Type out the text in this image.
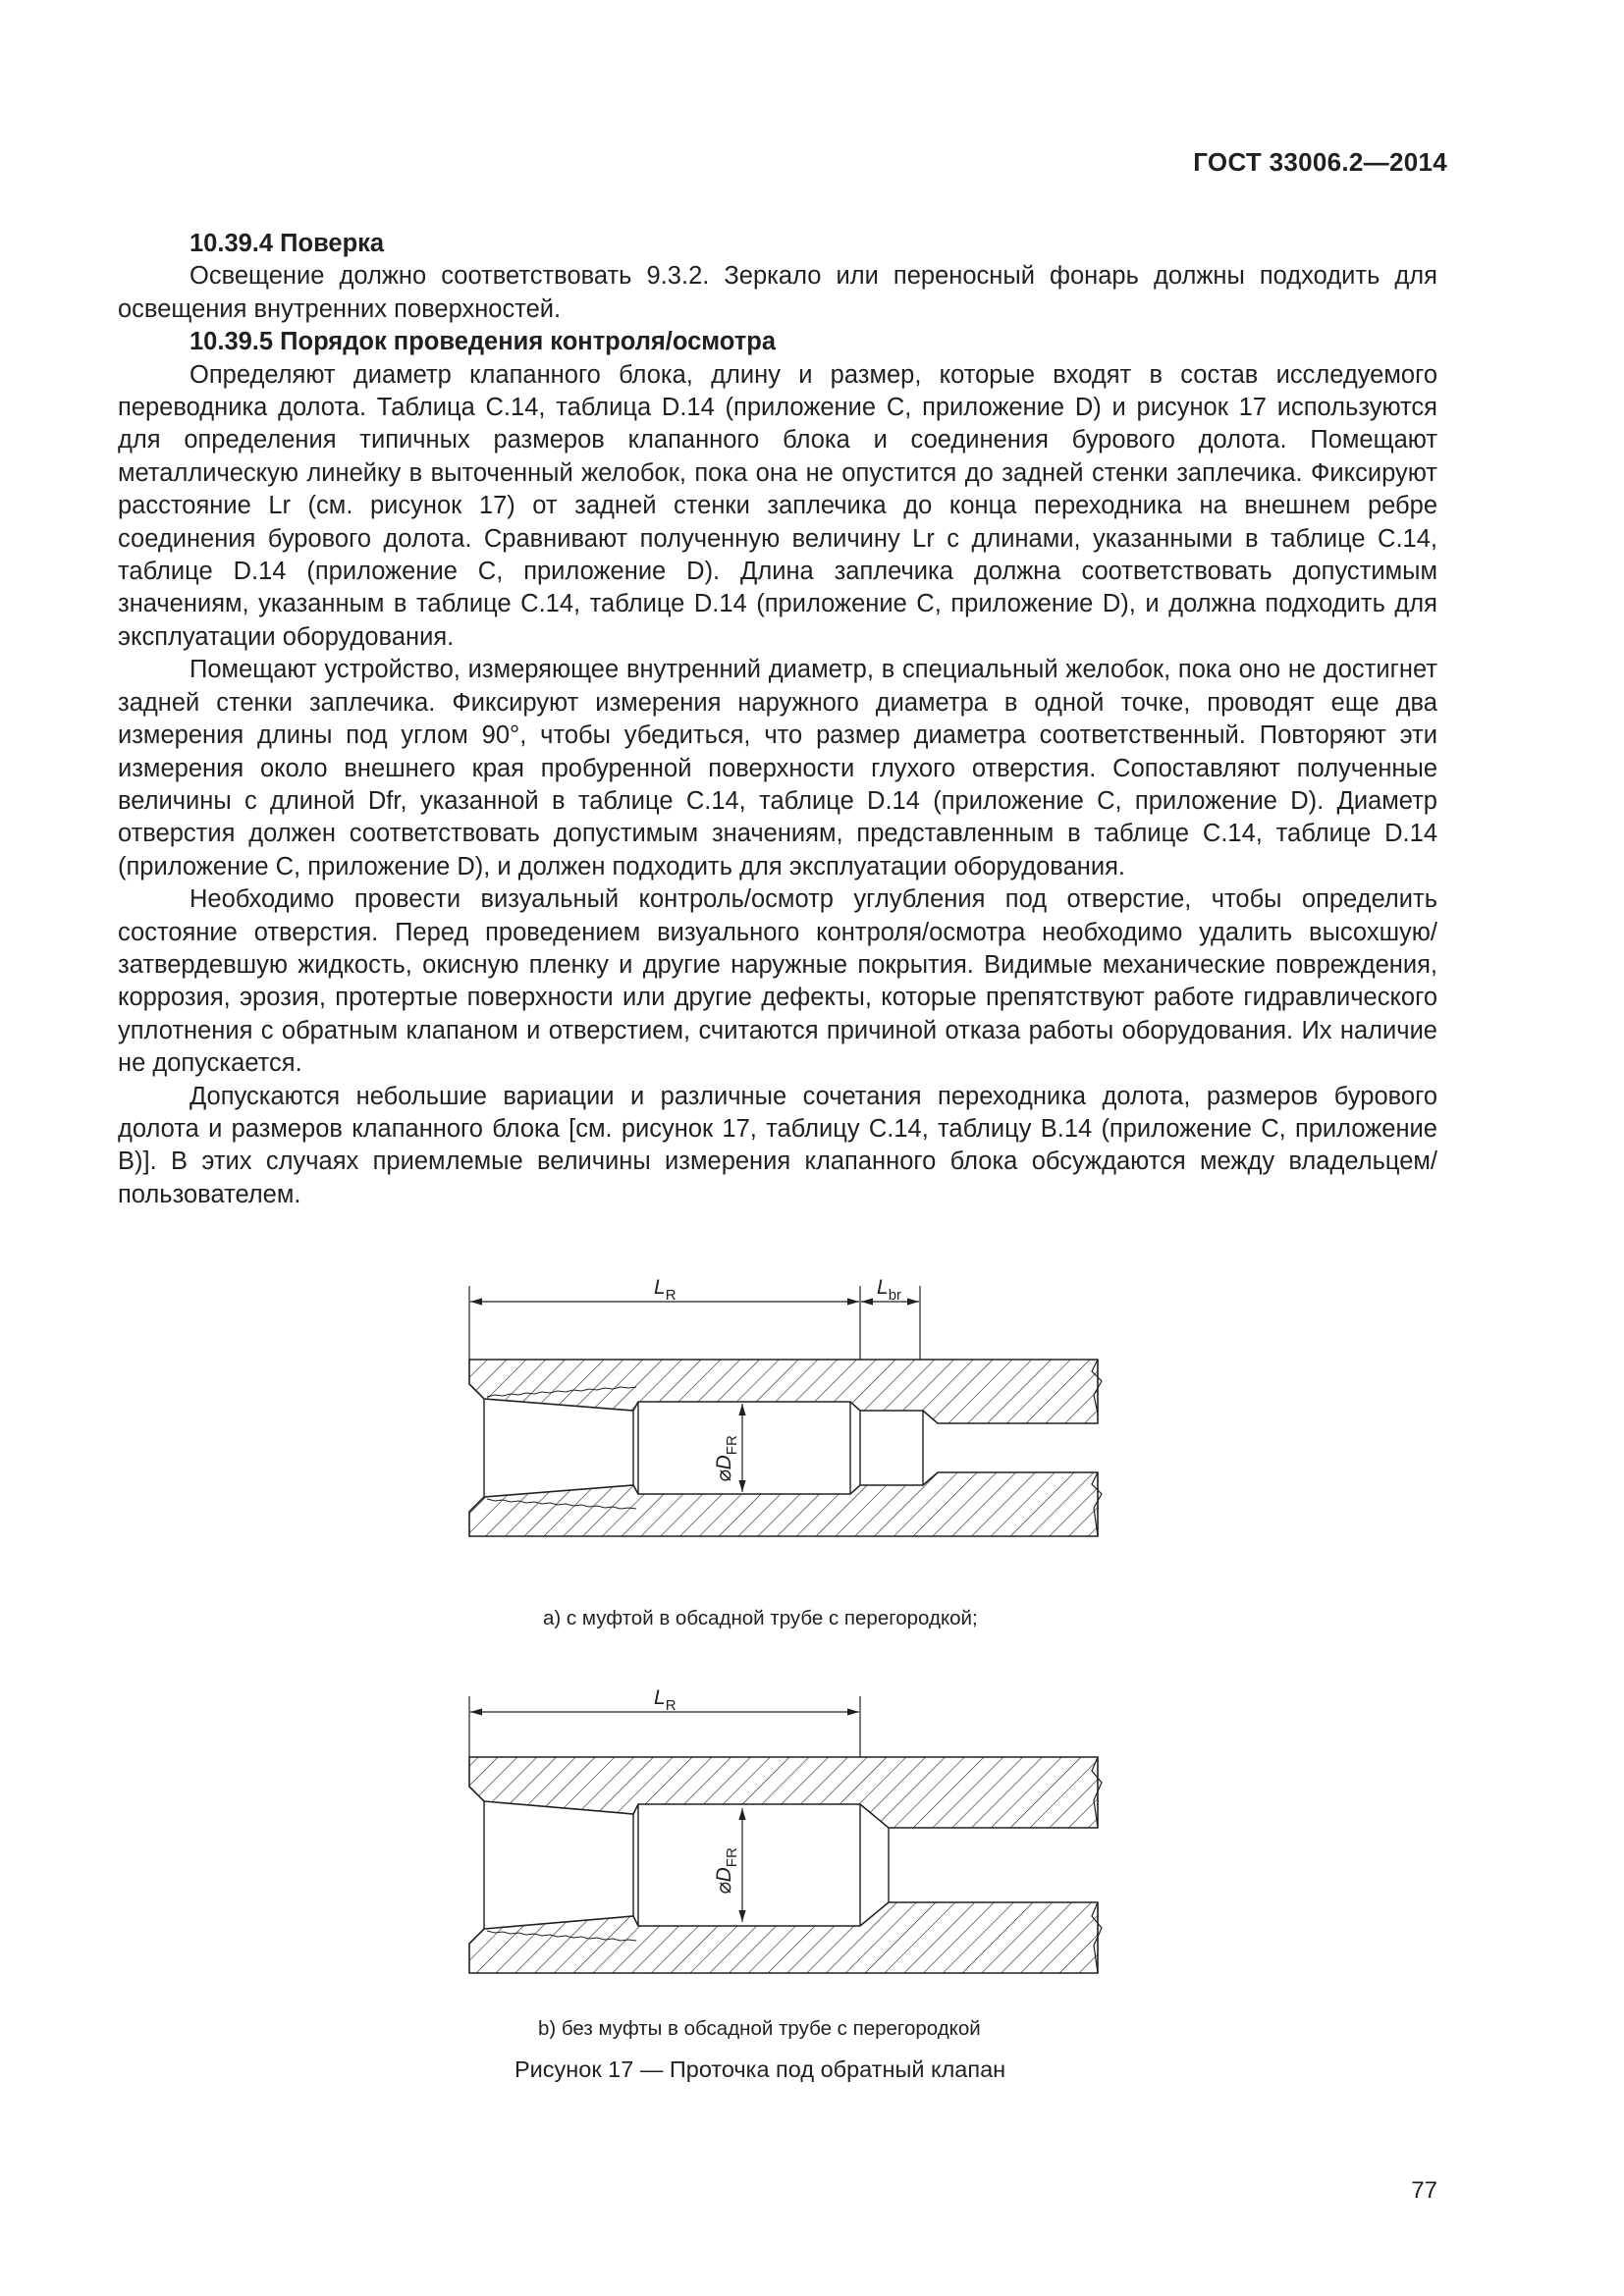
ГОСТ 33006.2—2014

10.39.4 Поверка

Освещение должно соответствовать 9.3.2. Зеркало или переносный фонарь должны подходить для освещения внутренних поверхностей.

10.39.5 Порядок проведения контроля/осмотра

Определяют диаметр клапанного блока, длину и размер, которые входят в состав исследуемого переводника долота. Таблица С.14, таблица D.14 (приложение С, приложение D) и рисунок 17 используются для определения типичных размеров клапанного блока и соединения бурового долота. Помещают металлическую линейку в выточенный желобок, пока она не опустится до задней стенки заплечика. Фиксируют расстояние Lr (см. рисунок 17) от задней стенки заплечика до конца переходника на внешнем ребре соединения бурового долота. Сравнивают полученную величину Lr с длинами, указанными в таблице С.14, таблице D.14 (приложение С, приложение D). Длина заплечика должна соответствовать допустимым значениям, указанным в таблице С.14, таблице D.14 (приложение С, приложение D), и должна подходить для эксплуатации оборудования.

Помещают устройство, измеряющее внутренний диаметр, в специальный желобок, пока оно не достигнет задней стенки заплечика. Фиксируют измерения наружного диаметра в одной точке, проводят еще два измерения длины под углом 90°, чтобы убедиться, что размер диаметра соответственный. Повторяют эти измерения около внешнего края пробуренной поверхности глухого отверстия. Сопоставляют полученные величины с длиной Dfr, указанной в таблице С.14, таблице D.14 (приложение С, приложение D). Диаметр отверстия должен соответствовать допустимым значениям, представленным в таблице С.14, таблице D.14 (приложение С, приложение D), и должен подходить для эксплуатации оборудования.

Необходимо провести визуальный контроль/осмотр углубления под отверстие, чтобы определить состояние отверстия. Перед проведением визуального контроля/осмотра необходимо удалить высохшую/затвердевшую жидкость, окисную пленку и другие наружные покрытия. Видимые механические повреждения, коррозия, эрозия, протертые поверхности или другие дефекты, которые препятствуют работе гидравлического уплотнения с обратным клапаном и отверстием, считаются причиной отказа работы оборудования. Их наличие не допускается.

Допускаются небольшие вариации и различные сочетания переходника долота, размеров бурового долота и размеров клапанного блока [см. рисунок 17, таблицу С.14, таблицу В.14 (приложение С, приложение В)]. В этих случаях приемлемые величины измерения клапанного блока обсуждаются между владельцем/пользователем.

$L_R$	$L_{br}$
$⌀D_{FR}$
$L_R$
$⌀D_{FR}$
a) с муфтой в обсадной трубе с перегородкой;
b) без муфты в обсадной трубе с перегородкой
Рисунок 17 — Проточка под обратный клапан
77
